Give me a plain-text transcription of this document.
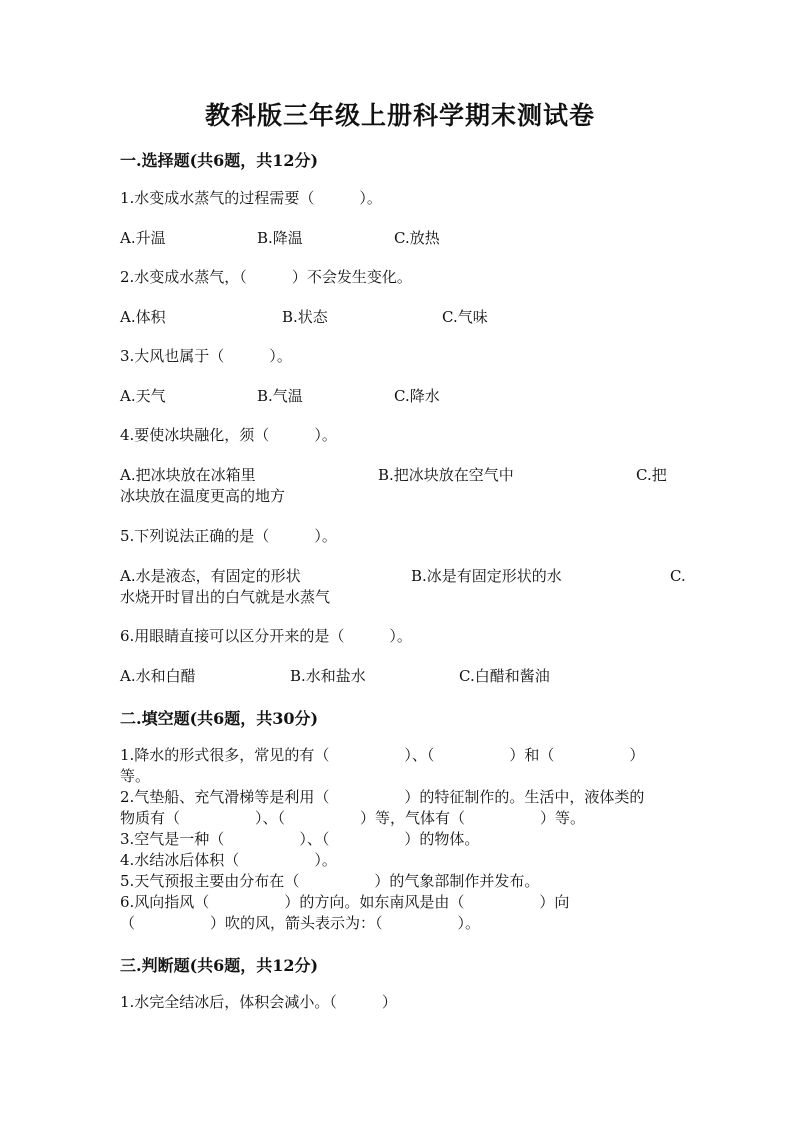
教科版三年级上册科学期末测试卷
一.选择题(共6题，共12分)
1.水变成水蒸气的过程需要（　　　）。
A.升温	B.降温	C.放热
2.水变成水蒸气，（　　　）不会发生变化。
A.体积	B.状态	C.气味
3.大风也属于（　　　）。
A.天气	B.气温	C.降水
4.要使冰块融化，须（　　　）。
A.把冰块放在冰箱里	B.把冰块放在空气中	C.把
冰块放在温度更高的地方
5.下列说法正确的是（　　　）。
A.水是液态，有固定的形状	B.冰是有固定形状的水	C.
水烧开时冒出的白气就是水蒸气
6.用眼睛直接可以区分开来的是（　　　）。
A.水和白醋	B.水和盐水	C.白醋和酱油
二.填空题(共6题，共30分)
1.降水的形式很多，常见的有（　　　　　）、（　　　　　）和（　　　　　）
等。
2.气垫船、充气滑梯等是利用（　　　　　）的特征制作的。生活中，液体类的
物质有（　　　　　）、（　　　　　）等，气体有（　　　　　）等。
3.空气是一种（　　　　　）、（　　　　　）的物体。
4.水结冰后体积（　　　　　）。
5.天气预报主要由分布在（　　　　　）的气象部制作并发布。
6.风向指风（　　　　　）的方向。如东南风是由（　　　　　）向
（　　　　　）吹的风，箭头表示为：（　　　　　）。
三.判断题(共6题，共12分)
1.水完全结冰后，体积会减小。（　　　）
